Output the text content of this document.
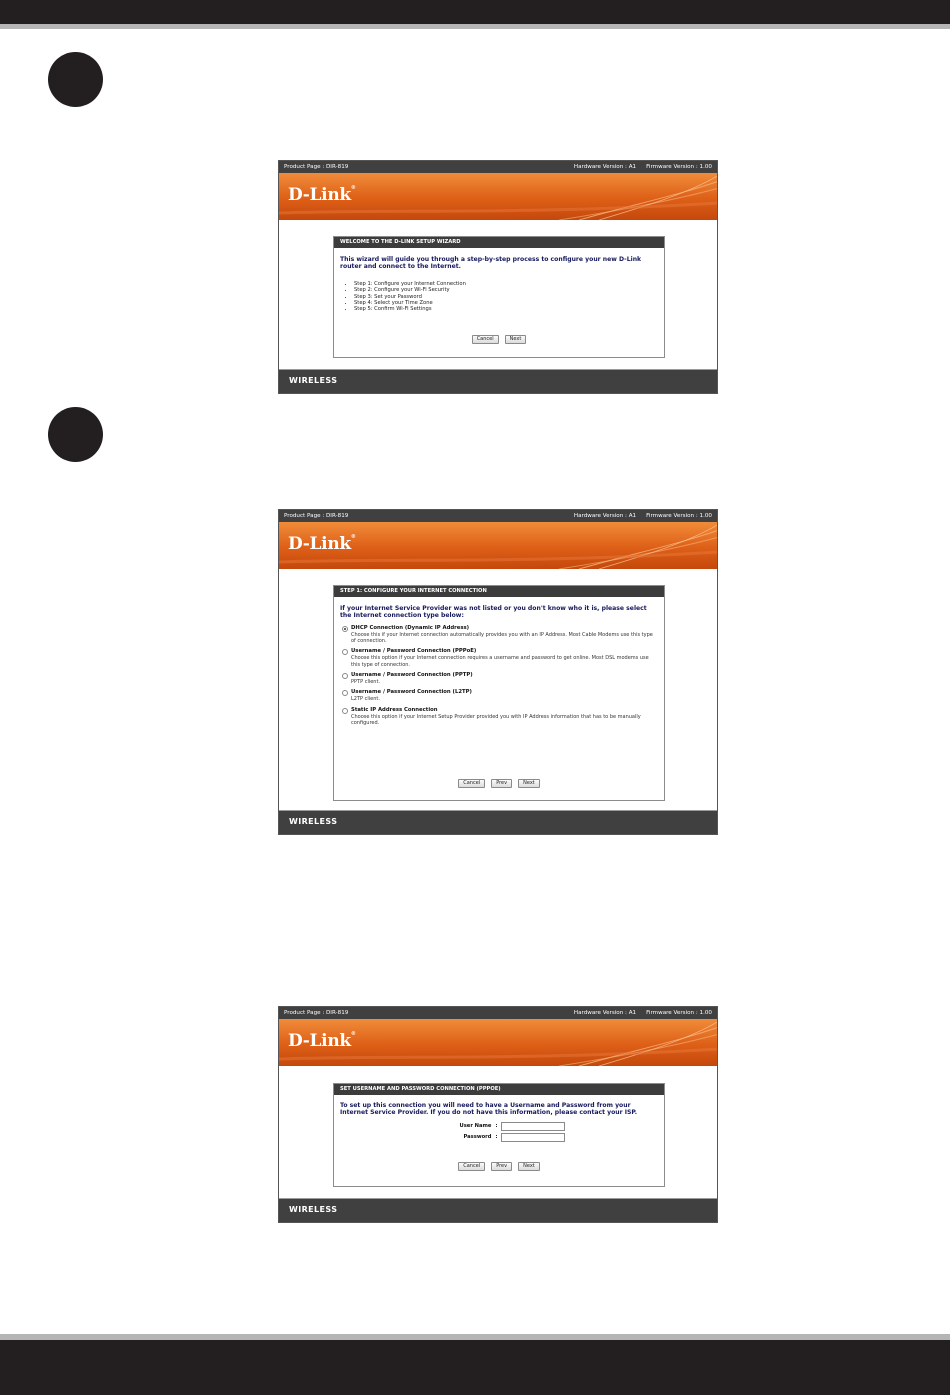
Product Page : DIR-819	Hardware Version : A1 Firmware Version : 1.00
D-Link®
WELCOME TO THE D-LINK SETUP WIZARD
This wizard will guide you through a step-by-step process to configure your new D-Link router and connect to the Internet.
• Step 1: Configure your Internet Connection
• Step 2: Configure your Wi-Fi Security
• Step 3: Set your Password
• Step 4: Select your Time Zone
• Step 5: Confirm Wi-Fi Settings
Cancel	Next
WIRELESS
Product Page : DIR-819	Hardware Version : A1 Firmware Version : 1.00
D-Link®
STEP 1: CONFIGURE YOUR INTERNET CONNECTION
If your Internet Service Provider was not listed or you don't know who it is, please select the Internet connection type below:
DHCP Connection (Dynamic IP Address)
Choose this if your Internet connection automatically provides you with an IP Address. Most Cable Modems use this type of connection.
Username / Password Connection (PPPoE)
Choose this option if your Internet connection requires a username and password to get online. Most DSL modems use this type of connection.
Username / Password Connection (PPTP)
PPTP client.
Username / Password Connection (L2TP)
L2TP client.
Static IP Address Connection
Choose this option if your Internet Setup Provider provided you with IP Address information that has to be manually configured.
Cancel	Prev	Next
WIRELESS
Product Page : DIR-819	Hardware Version : A1 Firmware Version : 1.00
D-Link®
SET USERNAME AND PASSWORD CONNECTION (PPPOE)
To set up this connection you will need to have a Username and Password from your Internet Service Provider. If you do not have this information, please contact your ISP.
User Name :
Password :
Cancel	Prev	Next
WIRELESS
